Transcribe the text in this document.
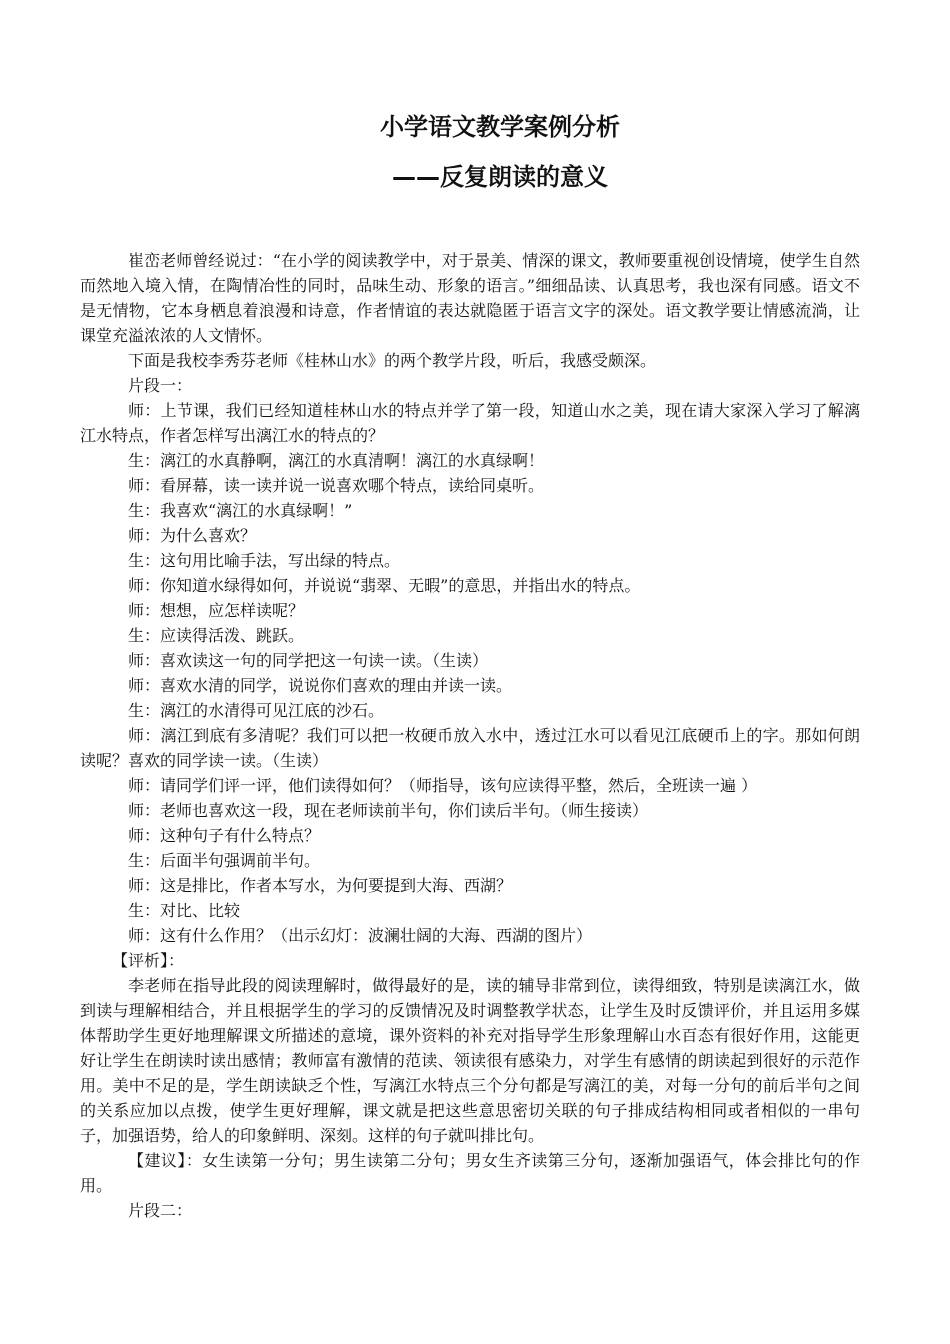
小学语文教学案例分析
——反复朗读的意义

崔峦老师曾经说过：“在小学的阅读教学中，对于景美、情深的课文，教师要重视创设情境，使学生自然而然地入境入情，在陶情冶性的同时，品味生动、形象的语言。”细细品读、认真思考，我也深有同感。语文不是无情物，它本身栖息着浪漫和诗意，作者情谊的表达就隐匿于语言文字的深处。语文教学要让情感流淌，让课堂充溢浓浓的人文情怀。

下面是我校李秀芬老师《桂林山水》的两个教学片段，听后，我感受颇深。

片段一：

师：上节课，我们已经知道桂林山水的特点并学了第一段，知道山水之美，现在请大家深入学习了解漓江水特点，作者怎样写出漓江水的特点的？

生：漓江的水真静啊，漓江的水真清啊！漓江的水真绿啊！

师：看屏幕，读一读并说一说喜欢哪个特点，读给同桌听。

生：我喜欢“漓江的水真绿啊！”

师：为什么喜欢？

生：这句用比喻手法，写出绿的特点。

师：你知道水绿得如何，并说说“翡翠、无暇”的意思，并指出水的特点。

师：想想，应怎样读呢？

生：应读得活泼、跳跃。

师：喜欢读这一句的同学把这一句读一读。（生读）

师：喜欢水清的同学，说说你们喜欢的理由并读一读。

生：漓江的水清得可见江底的沙石。

师：漓江到底有多清呢？我们可以把一枚硬币放入水中，透过江水可以看见江底硬币上的字。那如何朗读呢？喜欢的同学读一读。（生读）

师：请同学们评一评，他们读得如何？（师指导，该句应读得平整，然后，全班读一遍 ）

师：老师也喜欢这一段，现在老师读前半句，你们读后半句。（师生接读）

师：这种句子有什么特点？

生：后面半句强调前半句。

师：这是排比，作者本写水，为何要提到大海、西湖？

生：对比、比较

师：这有什么作用？（出示幻灯：波澜壮阔的大海、西湖的图片）

【评析】：

李老师在指导此段的阅读理解时，做得最好的是，读的辅导非常到位，读得细致，特别是读漓江水，做到读与理解相结合，并且根据学生的学习的反馈情况及时调整教学状态，让学生及时反馈评价，并且运用多媒体帮助学生更好地理解课文所描述的意境，课外资料的补充对指导学生形象理解山水百态有很好作用，这能更好让学生在朗读时读出感情；教师富有激情的范读、领读很有感染力，对学生有感情的朗读起到很好的示范作用。美中不足的是，学生朗读缺乏个性，写漓江水特点三个分句都是写漓江的美，对每一分句的前后半句之间的关系应加以点拨，使学生更好理解，课文就是把这些意思密切关联的句子排成结构相同或者相似的一串句子，加强语势，给人的印象鲜明、深刻。这样的句子就叫排比句。

【建议】：女生读第一分句；男生读第二分句；男女生齐读第三分句，逐渐加强语气，体会排比句的作用。

片段二：
